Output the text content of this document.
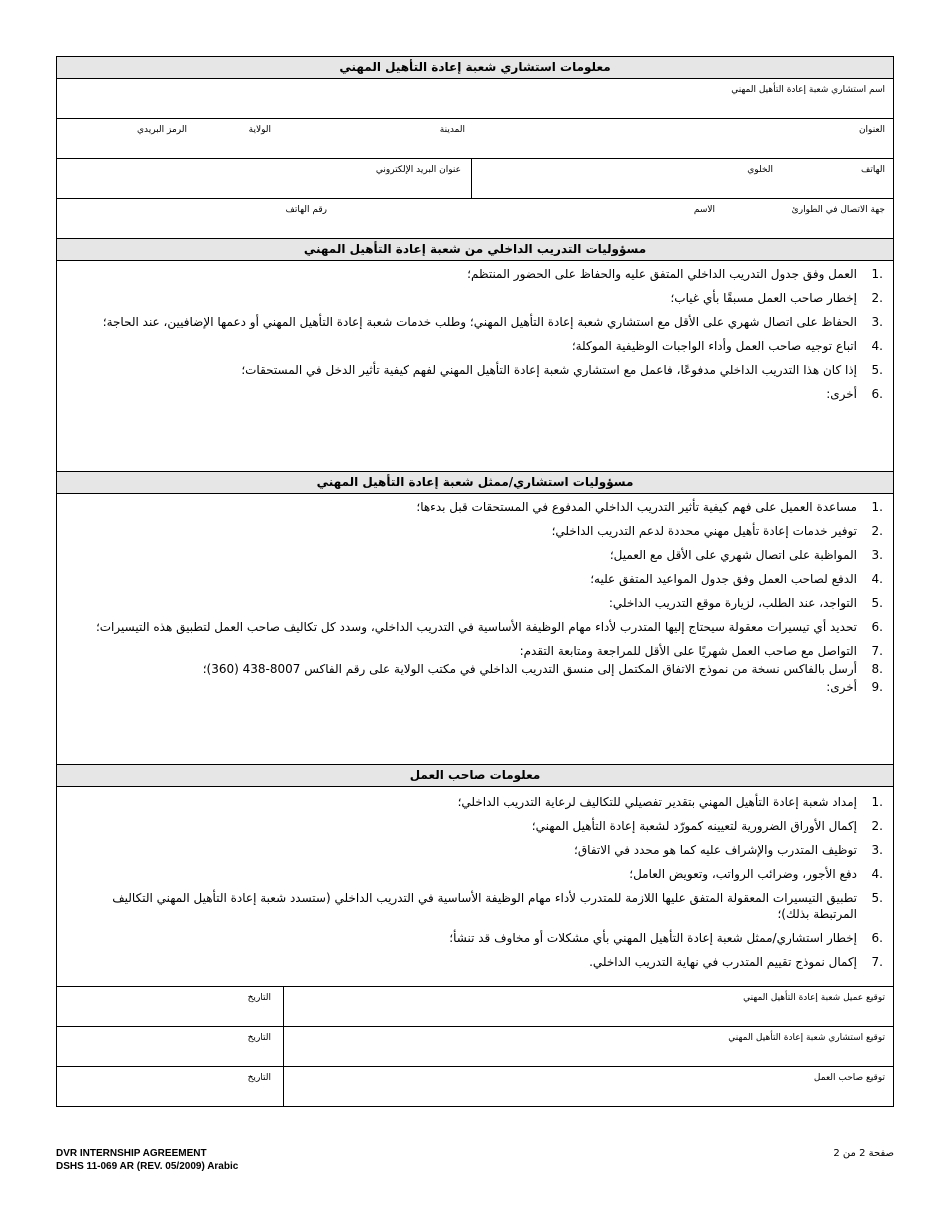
معلومات استشاري شعبة إعادة التأهيل المهني
اسم استشاري شعبة إعادة التأهيل المهني
العنوان
المدينة
الولاية
الرمز البريدي
الهاتف
الخلوي
عنوان البريد الإلكتروني
جهة الاتصال في الطوارئ
الاسم
رقم الهاتف
مسؤوليات التدريب الداخلي من شعبة إعادة التأهيل المهني
1.
العمل وفق جدول التدريب الداخلي المتفق عليه والحفاظ على الحضور المنتظم؛
2.
إخطار صاحب العمل مسبقًا بأي غياب؛
3.
الحفاظ على اتصال شهري على الأقل مع استشاري شعبة إعادة التأهيل المهني؛ وطلب خدمات شعبة إعادة التأهيل المهني أو دعمها الإضافيين، عند الحاجة؛
4.
اتباع توجيه صاحب العمل وأداء الواجبات الوظيفية الموكلة؛
5.
إذا كان هذا التدريب الداخلي مدفوعًا، فاعمل مع استشاري شعبة إعادة التأهيل المهني لفهم كيفية تأثير الدخل في المستحقات؛
6.
أخرى:
مسؤوليات استشاري/ممثل شعبة إعادة التأهيل المهني
1.
مساعدة العميل على فهم كيفية تأثير التدريب الداخلي المدفوع في المستحقات قبل بدءها؛
2.
توفير خدمات إعادة تأهيل مهني محددة لدعم التدريب الداخلي؛
3.
المواظبة على اتصال شهري على الأقل مع العميل؛
4.
الدفع لصاحب العمل وفق جدول المواعيد المتفق عليه؛
5.
التواجد، عند الطلب، لزيارة موقع التدريب الداخلي:
6.
تحديد أي تيسيرات معقولة سيحتاج إليها المتدرب لأداء مهام الوظيفة الأساسية في التدريب الداخلي، وسدد كل تكاليف صاحب العمل لتطبيق هذه التيسيرات؛
7.
التواصل مع صاحب العمل شهريًا على الأقل للمراجعة ومتابعة التقدم:
8.
أرسل بالفاكس نسخة من نموذج الاتفاق المكتمل إلى منسق التدريب الداخلي في مكتب الولاية على رقم الفاكس 8007-438 (360)؛
9.
أخرى:
معلومات صاحب العمل
1.
إمداد شعبة إعادة التأهيل المهني بتقدير تفصيلي للتكاليف لرعاية التدريب الداخلي؛
2.
إكمال الأوراق الضرورية لتعيينه كمورّد لشعبة إعادة التأهيل المهني؛
3.
توظيف المتدرب والإشراف عليه كما هو محدد في الاتفاق؛
4.
دفع الأجور، وضرائب الرواتب، وتعويض العامل؛
5.
تطبيق التيسيرات المعقولة المتفق عليها اللازمة للمتدرب لأداء مهام الوظيفة الأساسية في التدريب الداخلي (ستسدد شعبة إعادة التأهيل المهني التكاليف المرتبطة بذلك)؛
6.
إخطار استشاري/ممثل شعبة إعادة التأهيل المهني بأي مشكلات أو مخاوف قد تنشأ؛
7.
إكمال نموذج تقييم المتدرب في نهاية التدريب الداخلي.
توقيع عميل شعبة إعادة التأهيل المهني
التاريخ
توقيع استشاري شعبة إعادة التأهيل المهني
التاريخ
توقيع صاحب العمل
التاريخ
DVR INTERNSHIP AGREEMENT
DSHS 11-069 AR (REV. 05/2009) Arabic
صفحة 2 من 2
